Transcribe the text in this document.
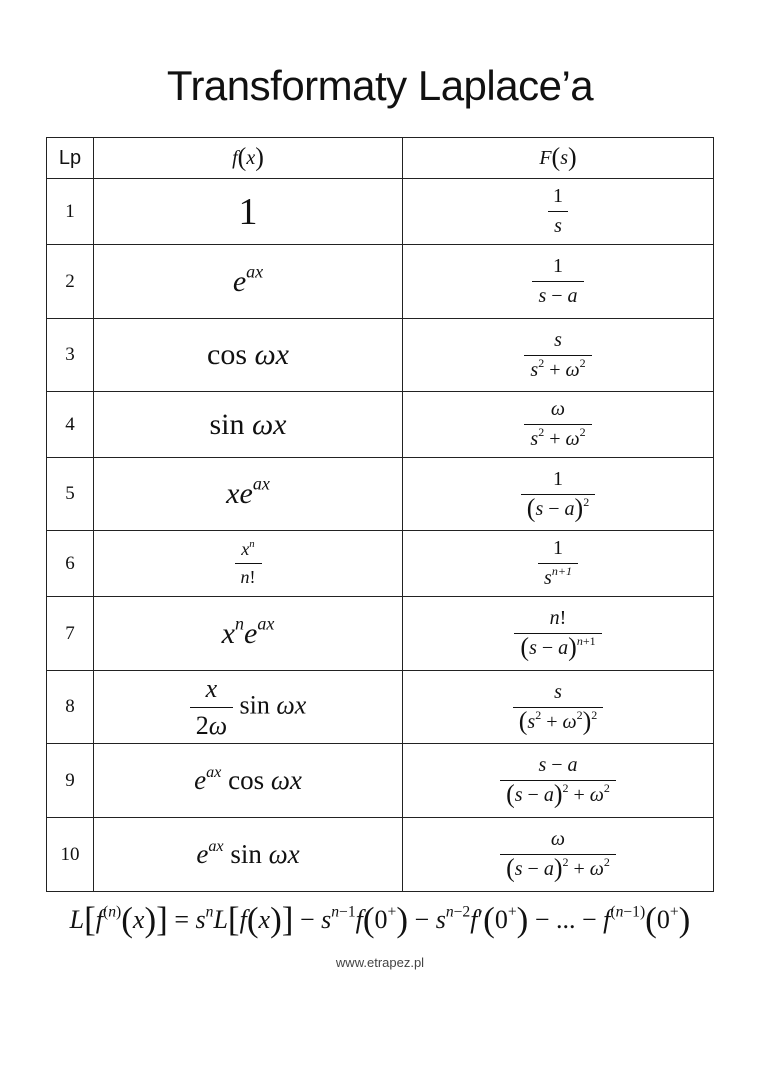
Transformaty Laplace’a
Lp	f(x)	F(s)
1	1	$\frac{1}{s}$

2	$e^{ax}$	$\frac{1}{s - a}$

3	cos ωx	$\frac{s}{s^2 + \omega^2}$

4	sin ωx	$\frac{\omega}{s^2 + \omega^2}$

5	$xe^{ax}$	$\frac{1}{(s - a)^2}$

6	$\frac{x^n}{n!}$	$\frac{1}{s^{n+1}}$

7	$x^ne^{ax}$	$\frac{n!}{(s - a)^{n+1}}$

8	$\frac{x}{2\omega}$ sin ωx	$\frac{s}{(s^2 + \omega^2)^2}$

9	$e^{ax}$ cos ωx	$\frac{s - a}{(s - a)^2 + \omega^2}$

10	$e^{ax}$ sin ωx	$\frac{\omega}{(s - a)^2 + \omega^2}$
$L[f^{(n)}(x)] = s^nL[f(x)] - s^{n-1}f(0^+) - s^{n-2}f'(0^+)$ − ... − $f^{(n-1)}(0^+)$
www.etrapez.pl
